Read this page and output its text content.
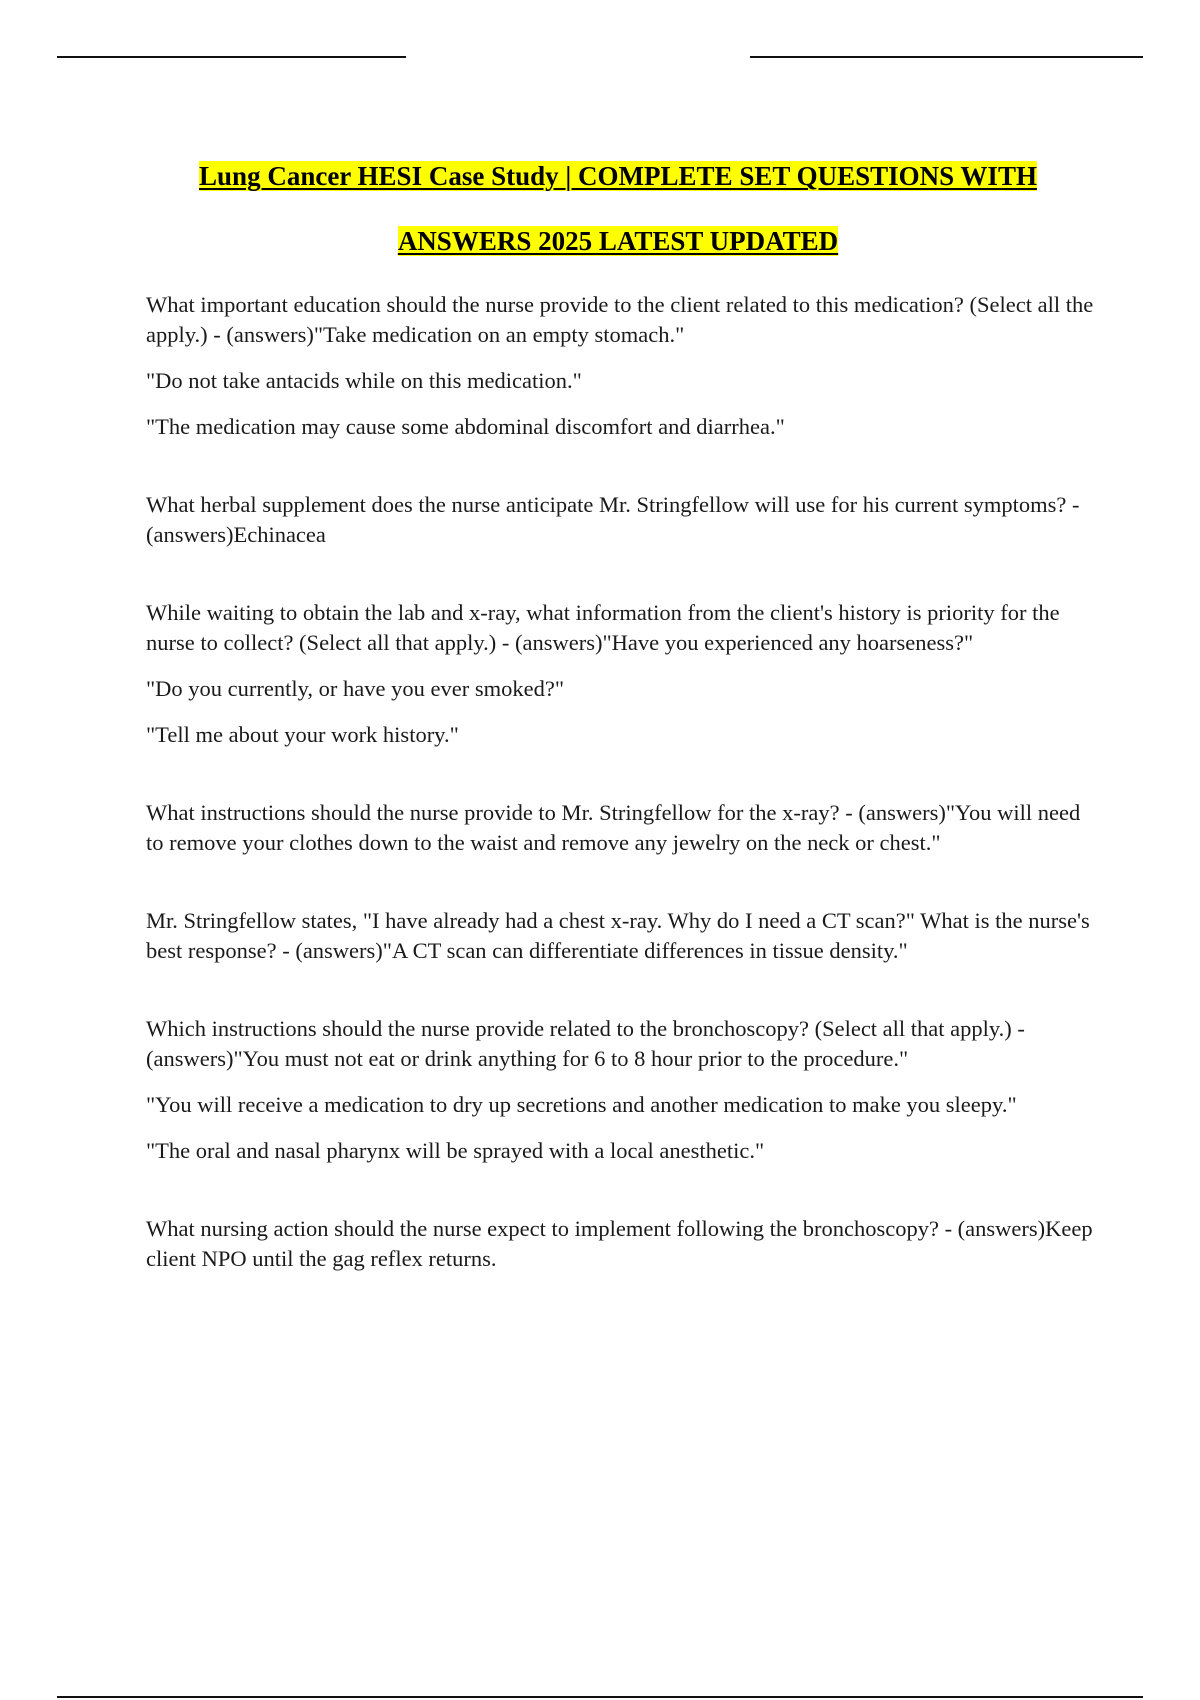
Lung Cancer HESI Case Study | COMPLETE SET QUESTIONS WITH
ANSWERS 2025 LATEST UPDATED

What important education should the nurse provide to the client related to this medication? (Select all the apply.) - (answers)"Take medication on an empty stomach."

"Do not take antacids while on this medication."

"The medication may cause some abdominal discomfort and diarrhea."

What herbal supplement does the nurse anticipate Mr. Stringfellow will use for his current symptoms? - (answers)Echinacea

While waiting to obtain the lab and x-ray, what information from the client's history is priority for the nurse to collect? (Select all that apply.) - (answers)"Have you experienced any hoarseness?"

"Do you currently, or have you ever smoked?"

"Tell me about your work history."

What instructions should the nurse provide to Mr. Stringfellow for the x-ray? - (answers)"You will need to remove your clothes down to the waist and remove any jewelry on the neck or chest."

Mr. Stringfellow states, "I have already had a chest x-ray. Why do I need a CT scan?" What is the nurse's best response? - (answers)"A CT scan can differentiate differences in tissue density."

Which instructions should the nurse provide related to the bronchoscopy? (Select all that apply.) - (answers)"You must not eat or drink anything for 6 to 8 hour prior to the procedure."

"You will receive a medication to dry up secretions and another medication to make you sleepy."

"The oral and nasal pharynx will be sprayed with a local anesthetic."

What nursing action should the nurse expect to implement following the bronchoscopy? - (answers)Keep client NPO until the gag reflex returns.
